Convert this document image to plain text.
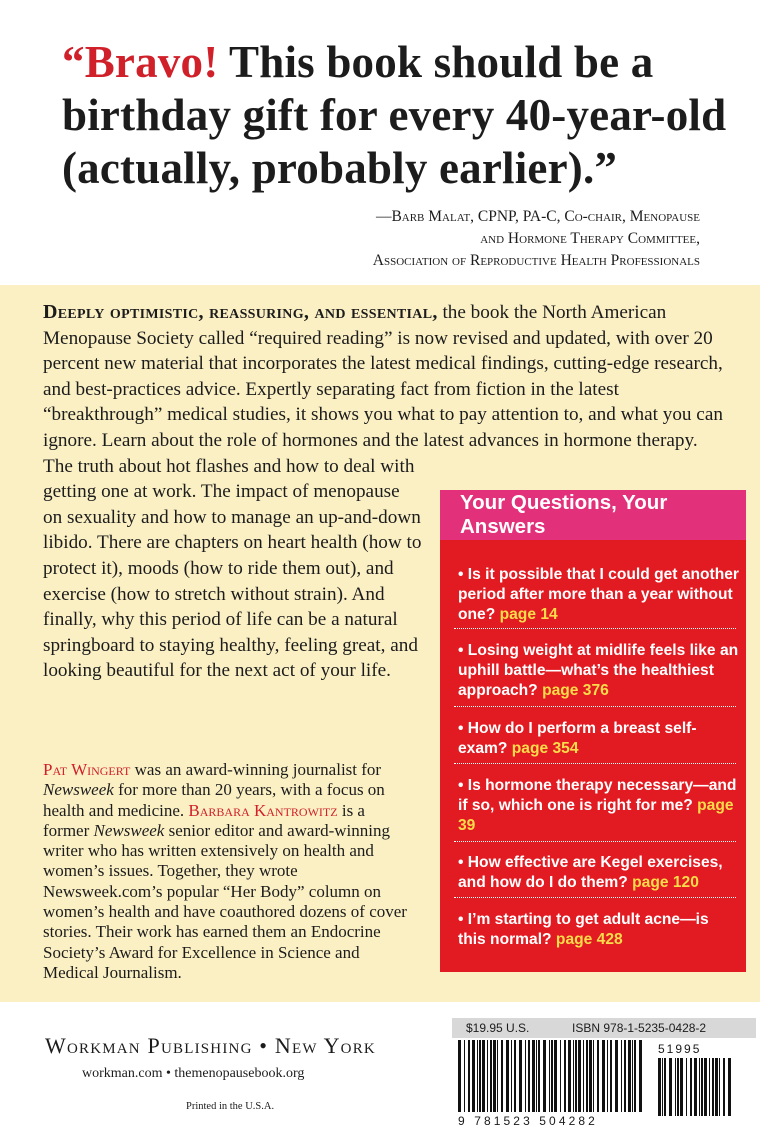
“Bravo! This book should be a birthday gift for every 40-year-old (actually, probably earlier).”
—Barb Malat, CPNP, PA-C, Co-chair, Menopause
and Hormone Therapy Committee,
Association of Reproductive Health Professionals
Deeply optimistic, reassuring, and essential, the book the North American Menopause Society called “required reading” is now revised and updated, with over 20 percent new material that incorporates the latest medical findings, cutting-edge research, and best-practices advice. Expertly separating fact from fiction in the latest “breakthrough” medical studies, it shows you what to pay attention to, and what you can ignore. Learn about the role of hormones and the latest advances in hormone therapy.
The truth about hot flashes and how to deal with getting one at work. The impact of menopause on sexuality and how to manage an up-and-down libido. There are chapters on heart health (how to protect it), moods (how to ride them out), and exercise (how to stretch without strain). And finally, why this period of life can be a natural springboard to staying healthy, feeling great, and looking beautiful for the next act of your life.
Pat Wingert was an award-winning journalist for Newsweek for more than 20 years, with a focus on health and medicine. Barbara Kantrowitz is a former Newsweek senior editor and award-winning writer who has written extensively on health and women’s issues. Together, they wrote Newsweek.com’s popular “Her Body” column on women’s health and have coauthored dozens of cover stories. Their work has earned them an Endocrine Society’s Award for Excellence in Science and Medical Journalism.
Your Questions, Your Answers
• Is it possible that I could get another period after more than a year without one? page 14
• Losing weight at midlife feels like an uphill battle—what’s the healthiest approach? page 376
• How do I perform a breast self-exam? page 354
• Is hormone therapy necessary—and if so, which one is right for me? page 39
• How effective are Kegel exercises, and how do I do them? page 120
• I’m starting to get adult acne—is this normal? page 428
Workman Publishing • New York
workman.com • themenopausebook.org
Printed in the U.S.A.
$19.95 U.S.	ISBN 978-1-5235-0428-2
51995
9 781523 504282
